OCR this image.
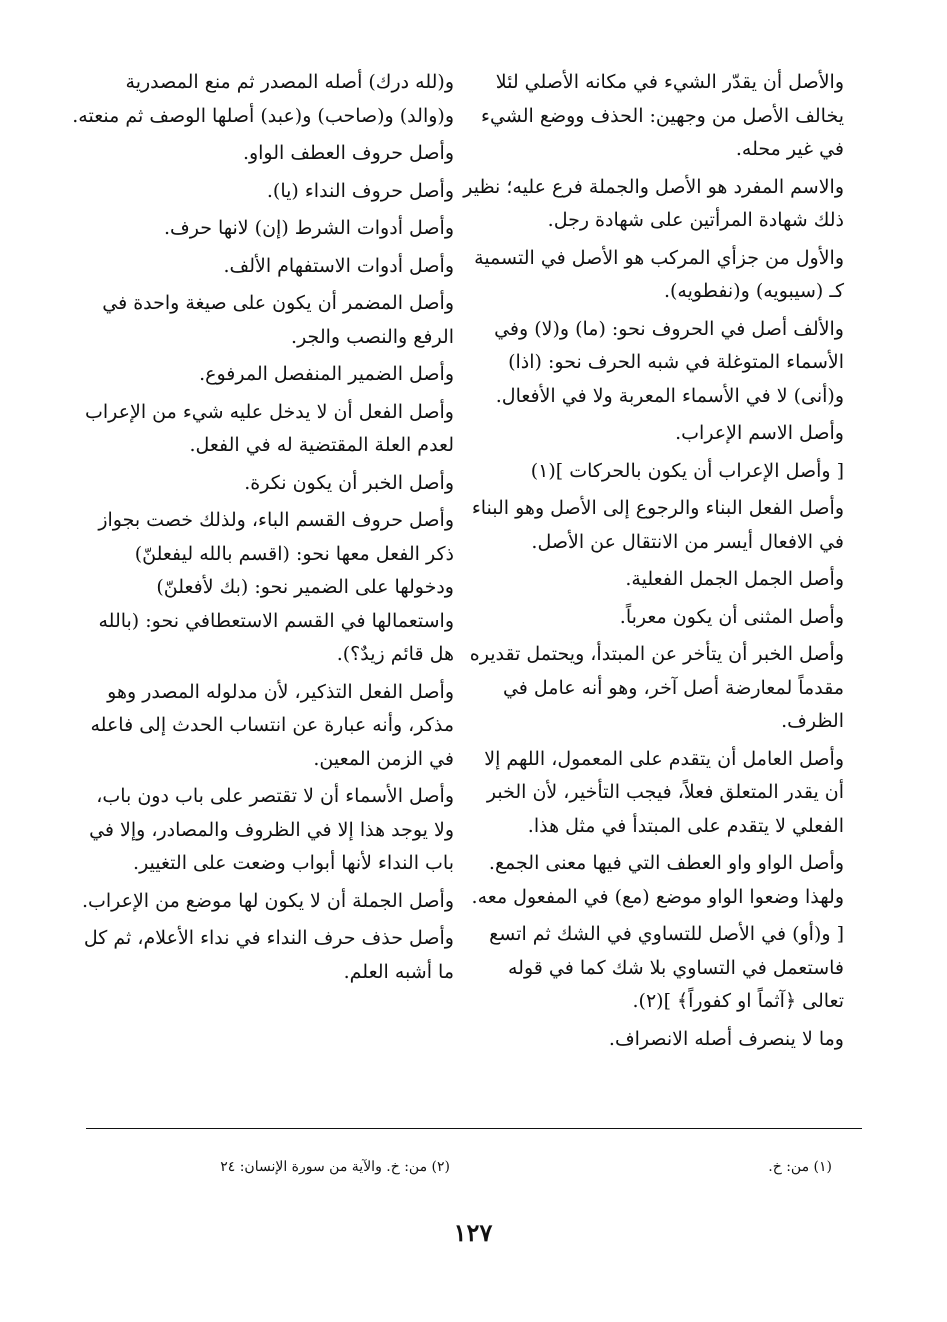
والأصل أن يقدّر الشيء في مكانه الأصلي لئلا يخالف الأصل من وجهين: الحذف ووضع الشيء في غير محله.

والاسم المفرد هو الأصل والجملة فرع عليه؛ نظير ذلك شهادة المرأتين على شهادة رجل.

والأول من جزأي المركب هو الأصل في التسمية كـ (سيبويه) و(نفطويه).

والألف أصل في الحروف نحو: (ما) و(لا) وفي الأسماء المتوغلة في شبه الحرف نحو: (اذا) و(أنى) لا في الأسماء المعربة ولا في الأفعال.

وأصل الاسم الإعراب.

[ وأصل الإعراب أن يكون بالحركات ](١)

وأصل الفعل البناء والرجوع إلى الأصل وهو البناء في الافعال أيسر من الانتقال عن الأصل.

وأصل الجمل الجمل الفعلية.

وأصل المثنى أن يكون معرباً.

وأصل الخبر أن يتأخر عن المبتدأ، ويحتمل تقديره مقدماً لمعارضة أصل آخر، وهو أنه عامل في الظرف.

وأصل العامل أن يتقدم على المعمول، اللهم إلا أن يقدر المتعلق فعلاً، فيجب التأخير، لأن الخبر الفعلي لا يتقدم على المبتدأ في مثل هذا.

وأصل الواو واو العطف التي فيها معنى الجمع. ولهذا وضعوا الواو موضع (مع) في المفعول معه.

[ و(أو) في الأصل للتساوي في الشك ثم اتسع فاستعمل في التساوي بلا شك كما في قوله تعالى ﴿آثماً او كفوراً﴾ ](٢).

وما لا ينصرف أصله الانصراف.

و(لله درك) أصله المصدر ثم منع المصدرية و(والد) و(صاحب) و(عبد) أصلها الوصف ثم منعته.

وأصل حروف العطف الواو.

وأصل حروف النداء (يا).

وأصل أدوات الشرط (إن) لانها حرف.

وأصل أدوات الاستفهام الألف.

وأصل المضمر أن يكون على صيغة واحدة في الرفع والنصب والجر.

وأصل الضمير المنفصل المرفوع.

وأصل الفعل أن لا يدخل عليه شيء من الإعراب لعدم العلة المقتضية له في الفعل.

وأصل الخبر أن يكون نكرة.

وأصل حروف القسم الباء، ولذلك خصت بجواز ذكر الفعل معها نحو: (اقسم بالله ليفعلنّ) ودخولها على الضمير نحو: (بك لأفعلنّ) واستعمالها في القسم الاستعطافي نحو: (بالله هل قائم زيدٌ؟).

وأصل الفعل التذكير، لأن مدلوله المصدر وهو مذكر، وأنه عبارة عن انتساب الحدث إلى فاعله في الزمن المعين.

وأصل الأسماء أن لا تقتصر على باب دون باب، ولا يوجد هذا إلا في الظروف والمصادر، وإلا في باب النداء لأنها أبواب وضعت على التغيير.

وأصل الجملة أن لا يكون لها موضع من الإعراب.

وأصل حذف حرف النداء في نداء الأعلام، ثم كل ما أشبه العلم.

(١) من: خ.
(٢) من: خ. والآية من سورة الإنسان: ٢٤
١٢٧
